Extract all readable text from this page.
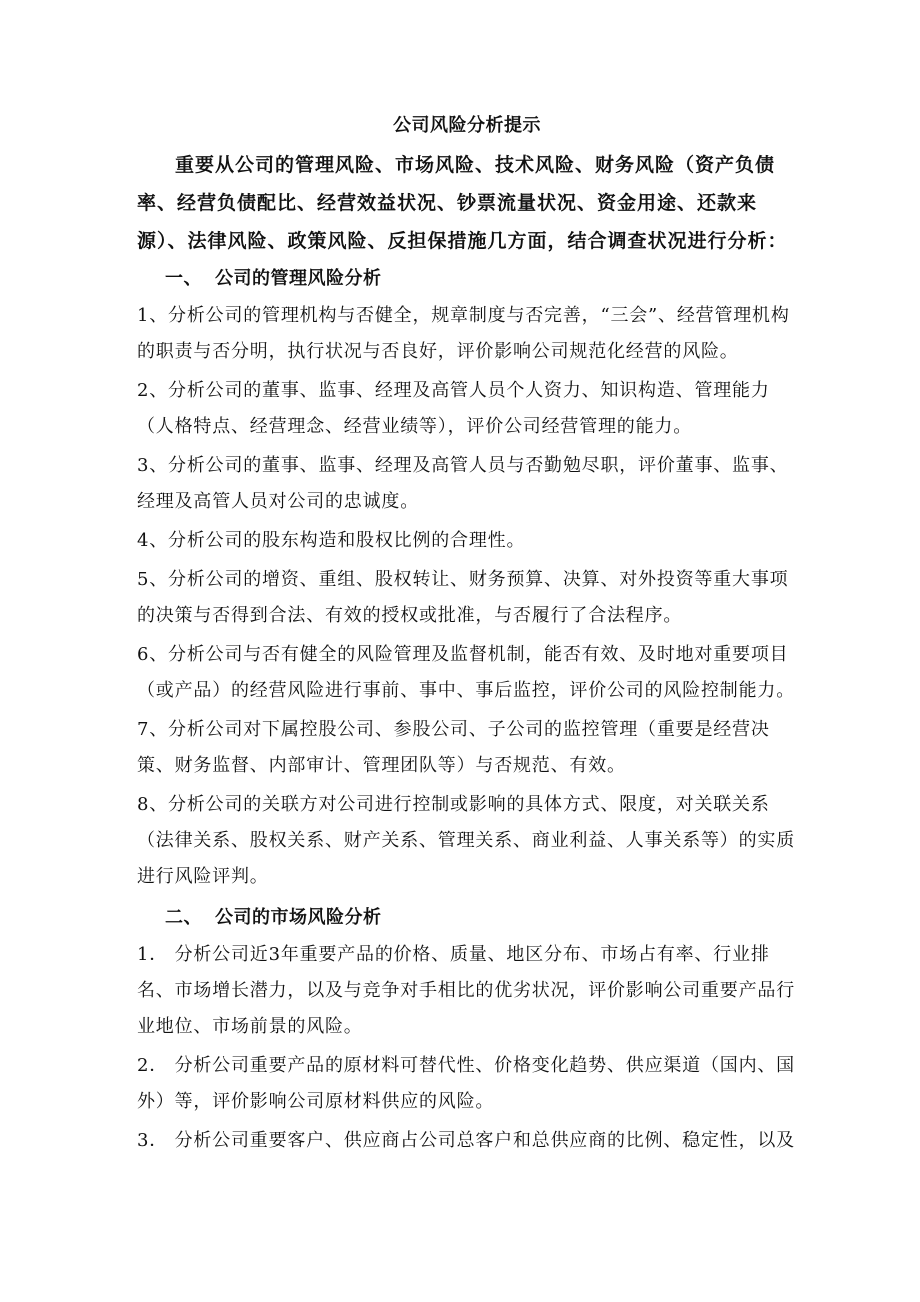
公司风险分析提示

重要从公司的管理风险、市场风险、技术风险、财务风险（资产负债率、经营负债配比、经营效益状况、钞票流量状况、资金用途、还款来源）、法律风险、政策风险、反担保措施几方面，结合调查状况进行分析：

一、 公司的管理风险分析

1、分析公司的管理机构与否健全，规章制度与否完善，“三会”、经营管理机构的职责与否分明，执行状况与否良好，评价影响公司规范化经营的风险。

2、分析公司的董事、监事、经理及高管人员个人资力、知识构造、管理能力（人格特点、经营理念、经营业绩等），评价公司经营管理的能力。

3、分析公司的董事、监事、经理及高管人员与否勤勉尽职，评价董事、监事、经理及高管人员对公司的忠诚度。

4、分析公司的股东构造和股权比例的合理性。

5、分析公司的增资、重组、股权转让、财务预算、决算、对外投资等重大事项的决策与否得到合法、有效的授权或批准，与否履行了合法程序。

6、分析公司与否有健全的风险管理及监督机制，能否有效、及时地对重要项目（或产品）的经营风险进行事前、事中、事后监控，评价公司的风险控制能力。

7、分析公司对下属控股公司、参股公司、子公司的监控管理（重要是经营决策、财务监督、内部审计、管理团队等）与否规范、有效。

8、分析公司的关联方对公司进行控制或影响的具体方式、限度，对关联关系（法律关系、股权关系、财产关系、管理关系、商业利益、人事关系等）的实质进行风险评判。

二、 公司的市场风险分析

1． 分析公司近3年重要产品的价格、质量、地区分布、市场占有率、行业排名、市场增长潜力，以及与竞争对手相比的优劣状况，评价影响公司重要产品行业地位、市场前景的风险。

2． 分析公司重要产品的原材料可替代性、价格变化趋势、供应渠道（国内、国外）等，评价影响公司原材料供应的风险。

3． 分析公司重要客户、供应商占公司总客户和总供应商的比例、稳定性，以及
